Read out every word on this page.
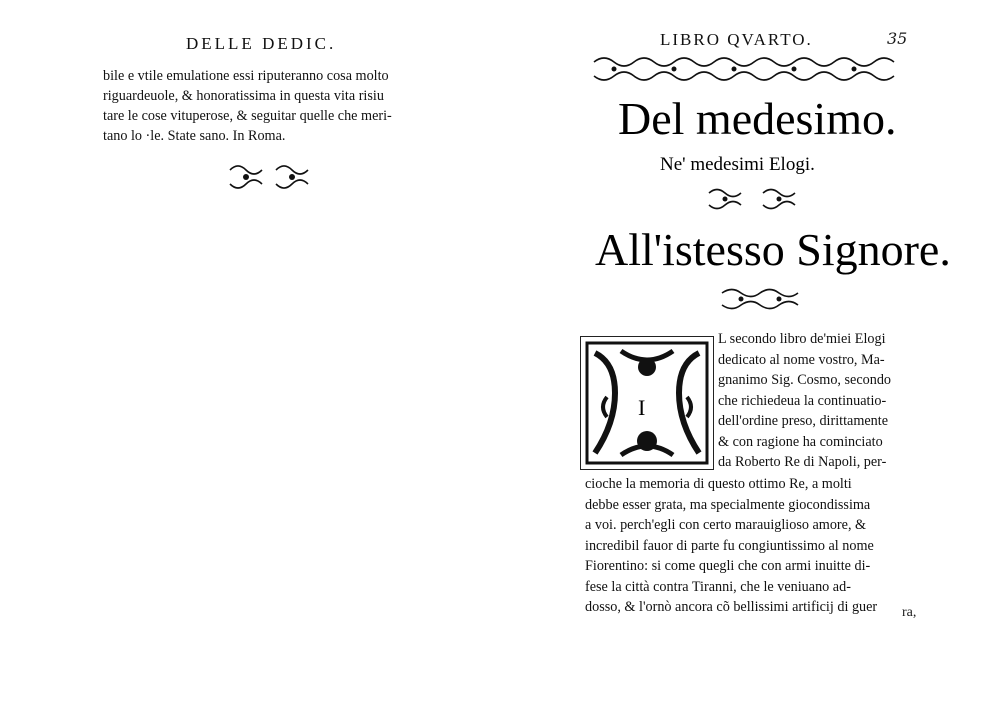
DELLE DEDIC.
bile e vtile emulatione essi riputeranno cosa molto
riguardeuole, & honoratissima in questa vita risiu
tare le cose vituperose, & seguitar quelle che meri-
tano lo ·le. State sano. In Roma.
LIBRO QVARTO.	35
Del medesimo.
Ne' medesimi Elogi.
All'istesso Signore.
I
L secondo libro de'miei Elogi
dedicato al nome vostro, Ma-
gnanimo Sig. Cosmo, secondo
che richiedeua la continuatio-
dell'ordine preso, dirittamente
& con ragione ha cominciato
da Roberto Re di Napoli, per-
cioche la memoria di questo ottimo Re, a molti
debbe esser grata, ma specialmente giocondissima
a voi. perch'egli con certo marauiglioso amore, &
incredibil fauor di parte fu congiuntissimo al nome
Fiorentino: si come quegli che con armi inuitte di-
fese la città contra Tiranni, che le veniuano ad-
dosso, & l'ornò ancora cõ bellissimi artificij di guer ra,
